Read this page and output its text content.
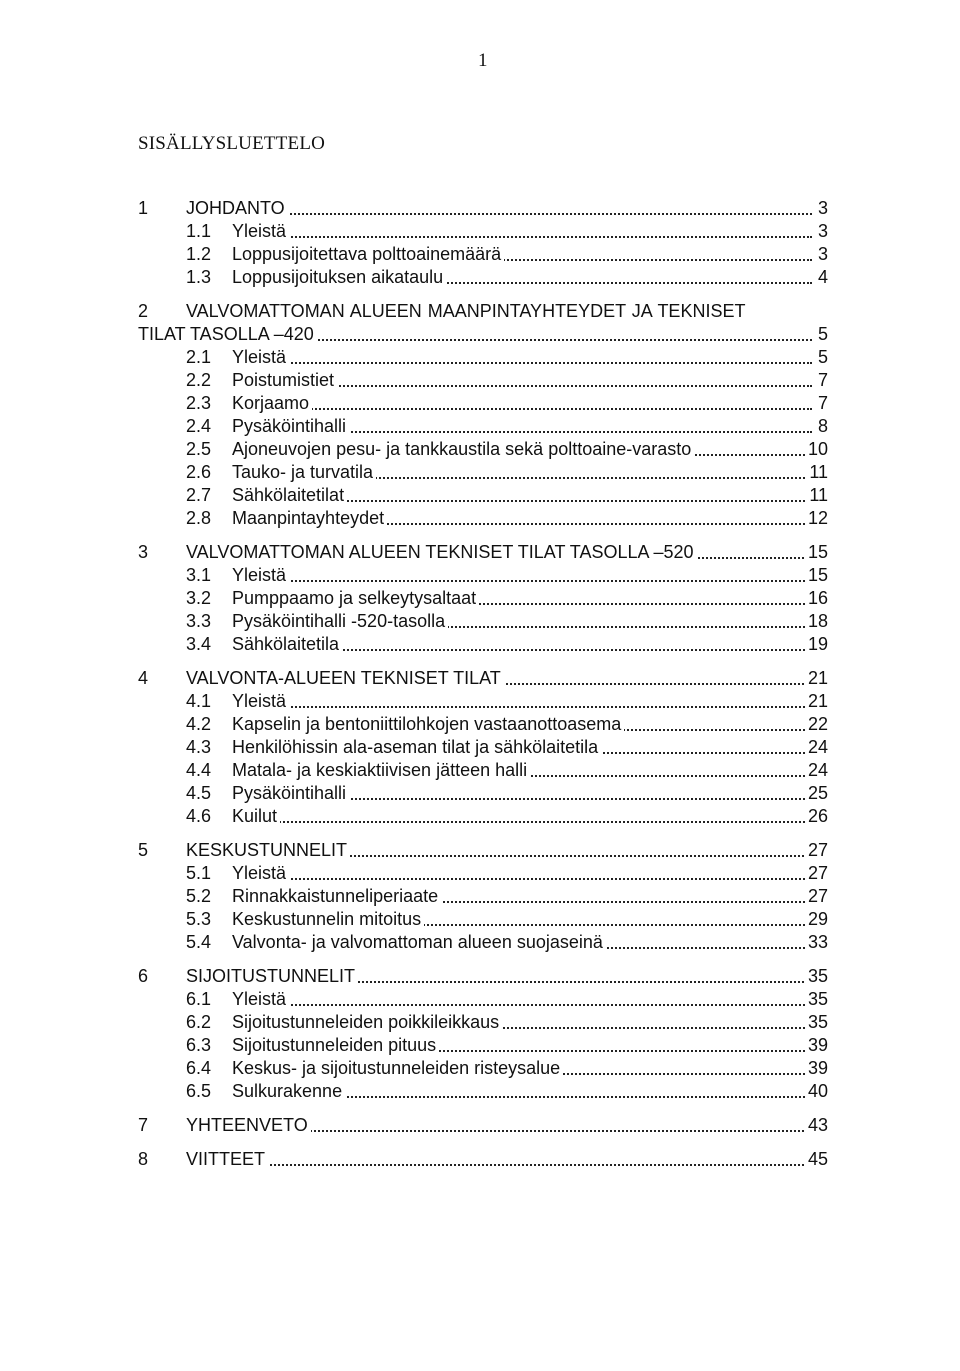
1
SISÄLLYSLUETTELO
1 JOHDANTO	3
1.1 Yleistä	3
1.2 Loppusijoitettava polttoainemäärä	3
1.3 Loppusijoituksen aikataulu	4
2 VALVOMATTOMAN ALUEEN MAANPINTAYHTEYDET JA TEKNISET
TILAT TASOLLA –420	5
2.1 Yleistä	5
2.2 Poistumistiet	7
2.3 Korjaamo	7
2.4 Pysäköintihalli	8
2.5 Ajoneuvojen pesu- ja tankkaustila sekä polttoaine-varasto	10
2.6 Tauko- ja turvatila	11
2.7 Sähkölaitetilat	11
2.8 Maanpintayhteydet	12
3 VALVOMATTOMAN ALUEEN TEKNISET TILAT TASOLLA –520	15
3.1 Yleistä	15
3.2 Pumppaamo ja selkeytysaltaat	16
3.3 Pysäköintihalli -520-tasolla	18
3.4 Sähkölaitetila	19
4 VALVONTA-ALUEEN TEKNISET TILAT	21
4.1 Yleistä	21
4.2 Kapselin ja bentoniittilohkojen vastaanottoasema	22
4.3 Henkilöhissin ala-aseman tilat ja sähkölaitetila	24
4.4 Matala- ja keskiaktiivisen jätteen halli	24
4.5 Pysäköintihalli	25
4.6 Kuilut	26
5 KESKUSTUNNELIT	27
5.1 Yleistä	27
5.2 Rinnakkaistunneliperiaate	27
5.3 Keskustunnelin mitoitus	29
5.4 Valvonta- ja valvomattoman alueen suojaseinä	33
6 SIJOITUSTUNNELIT	35
6.1 Yleistä	35
6.2 Sijoitustunneleiden poikkileikkaus	35
6.3 Sijoitustunneleiden pituus	39
6.4 Keskus- ja sijoitustunneleiden risteysalue	39
6.5 Sulkurakenne	40
7 YHTEENVETO	43
8 VIITTEET	45
